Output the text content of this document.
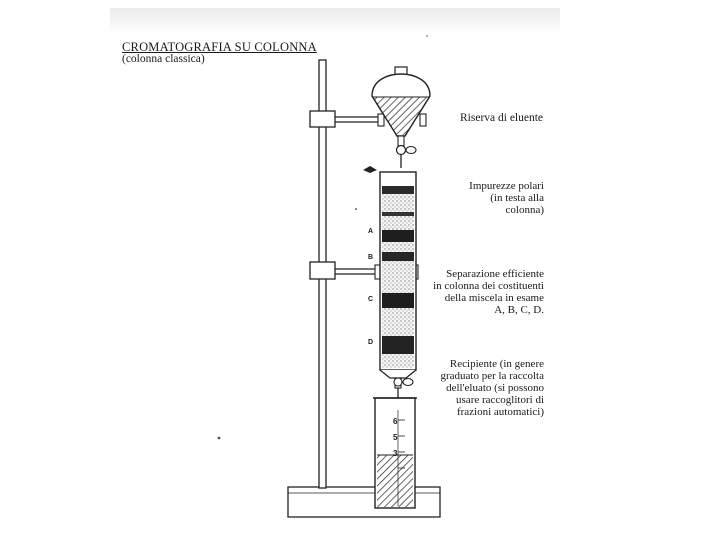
CROMATOGRAFIA SU COLONNA
(colonna classica)
A
B
C
D
6
5
3
Riserva di eluente
Impurezze polari
(in testa alla
colonna)
Separazione efficiente
in colonna dei costituenti
della miscela in esame
A, B, C, D.
Recipiente (in genere
graduato per la raccolta
dell'eluato (si possono
usare raccoglitori di
frazioni automatici)
